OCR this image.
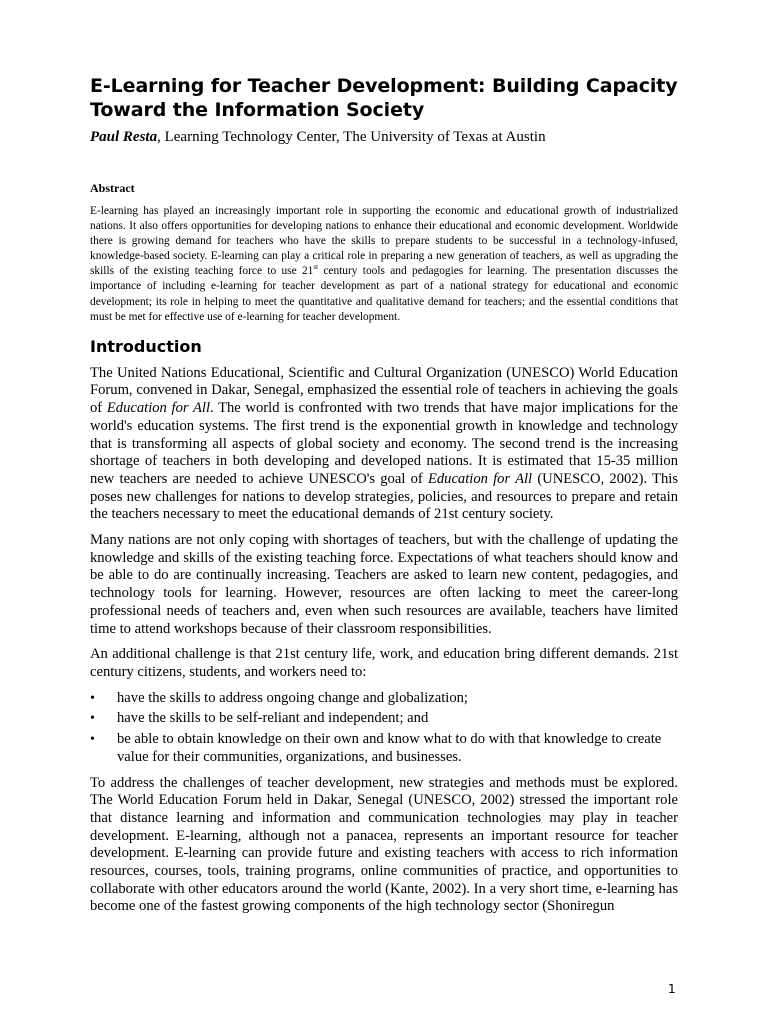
E-Learning for Teacher Development: Building Capacity Toward the Information Society

Paul Resta, Learning Technology Center, The University of Texas at Austin

Abstract

E-learning has played an increasingly important role in supporting the economic and educational growth of industrialized nations. It also offers opportunities for developing nations to enhance their educational and economic development. Worldwide there is growing demand for teachers who have the skills to prepare students to be successful in a technology-infused, knowledge-based society. E-learning can play a critical role in preparing a new generation of teachers, as well as upgrading the skills of the existing teaching force to use 21st century tools and pedagogies for learning. The presentation discusses the importance of including e-learning for teacher development as part of a national strategy for educational and economic development; its role in helping to meet the quantitative and qualitative demand for teachers; and the essential conditions that must be met for effective use of e-learning for teacher development.

Introduction

The United Nations Educational, Scientific and Cultural Organization (UNESCO) World Education Forum, convened in Dakar, Senegal, emphasized the essential role of teachers in achieving the goals of Education for All. The world is confronted with two trends that have major implications for the world's education systems. The first trend is the exponential growth in knowledge and technology that is transforming all aspects of global society and economy. The second trend is the increasing shortage of teachers in both developing and developed nations. It is estimated that 15-35 million new teachers are needed to achieve UNESCO's goal of Education for All (UNESCO, 2002). This poses new challenges for nations to develop strategies, policies, and resources to prepare and retain the teachers necessary to meet the educational demands of 21st century society.

Many nations are not only coping with shortages of teachers, but with the challenge of updating the knowledge and skills of the existing teaching force. Expectations of what teachers should know and be able to do are continually increasing. Teachers are asked to learn new content, pedagogies, and technology tools for learning. However, resources are often lacking to meet the career-long professional needs of teachers and, even when such resources are available, teachers have limited time to attend workshops because of their classroom responsibilities.

An additional challenge is that 21st century life, work, and education bring different demands. 21st century citizens, students, and workers need to:

• have the skills to address ongoing change and globalization;
• have the skills to be self-reliant and independent; and
• be able to obtain knowledge on their own and know what to do with that knowledge to create value for their communities, organizations, and businesses.

To address the challenges of teacher development, new strategies and methods must be explored. The World Education Forum held in Dakar, Senegal (UNESCO, 2002) stressed the important role that distance learning and information and communication technologies may play in teacher development. E-learning, although not a panacea, represents an important resource for teacher development. E-learning can provide future and existing teachers with access to rich information resources, courses, tools, training programs, online communities of practice, and opportunities to collaborate with other educators around the world (Kante, 2002). In a very short time, e-learning has become one of the fastest growing components of the high technology sector (Shoniregun

1
